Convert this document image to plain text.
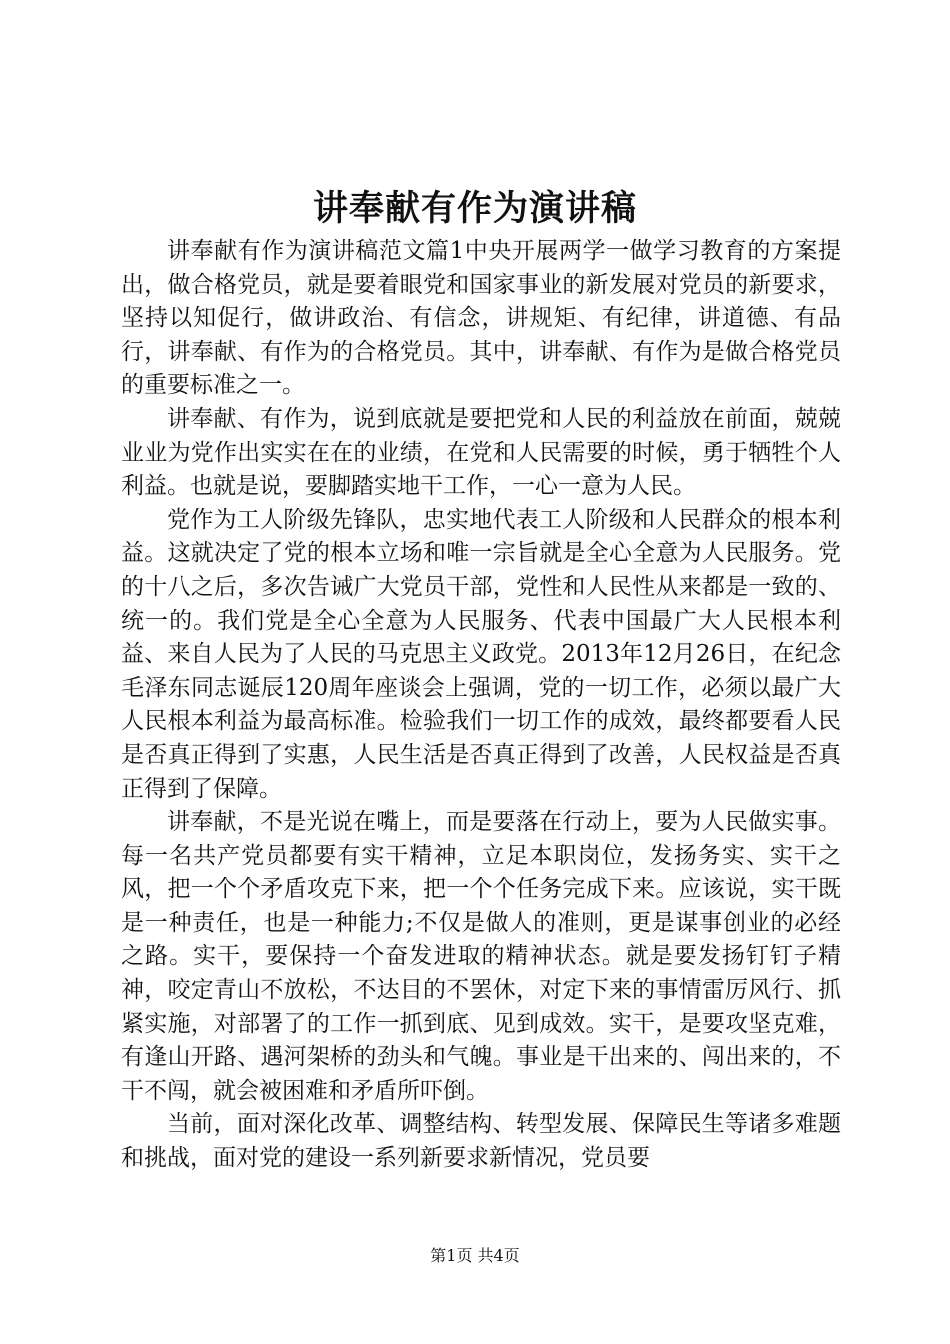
讲奉献有作为演讲稿

讲奉献有作为演讲稿范文篇1中央开展两学一做学习教育的方案提出，做合格党员，就是要着眼党和国家事业的新发展对党员的新要求，坚持以知促行，做讲政治、有信念，讲规矩、有纪律，讲道德、有品行，讲奉献、有作为的合格党员。其中，讲奉献、有作为是做合格党员的重要标准之一。

讲奉献、有作为，说到底就是要把党和人民的利益放在前面，兢兢业业为党作出实实在在的业绩，在党和人民需要的时候，勇于牺牲个人利益。也就是说，要脚踏实地干工作，一心一意为人民。

党作为工人阶级先锋队，忠实地代表工人阶级和人民群众的根本利益。这就决定了党的根本立场和唯一宗旨就是全心全意为人民服务。党的十八之后，多次告诫广大党员干部，党性和人民性从来都是一致的、统一的。我们党是全心全意为人民服务、代表中国最广大人民根本利益、来自人民为了人民的马克思主义政党。2013年12月26日，在纪念毛泽东同志诞辰120周年座谈会上强调，党的一切工作，必须以最广大人民根本利益为最高标准。检验我们一切工作的成效，最终都要看人民是否真正得到了实惠，人民生活是否真正得到了改善，人民权益是否真正得到了保障。

讲奉献，不是光说在嘴上，而是要落在行动上，要为人民做实事。每一名共产党员都要有实干精神，立足本职岗位，发扬务实、实干之风，把一个个矛盾攻克下来，把一个个任务完成下来。应该说，实干既是一种责任，也是一种能力;不仅是做人的准则，更是谋事创业的必经之路。实干，要保持一个奋发进取的精神状态。就是要发扬钉钉子精神，咬定青山不放松，不达目的不罢休，对定下来的事情雷厉风行、抓紧实施，对部署了的工作一抓到底、见到成效。实干，是要攻坚克难，有逢山开路、遇河架桥的劲头和气魄。事业是干出来的、闯出来的，不干不闯，就会被困难和矛盾所吓倒。

当前，面对深化改革、调整结构、转型发展、保障民生等诸多难题和挑战，面对党的建设一系列新要求新情况，党员要

第1页 共4页
